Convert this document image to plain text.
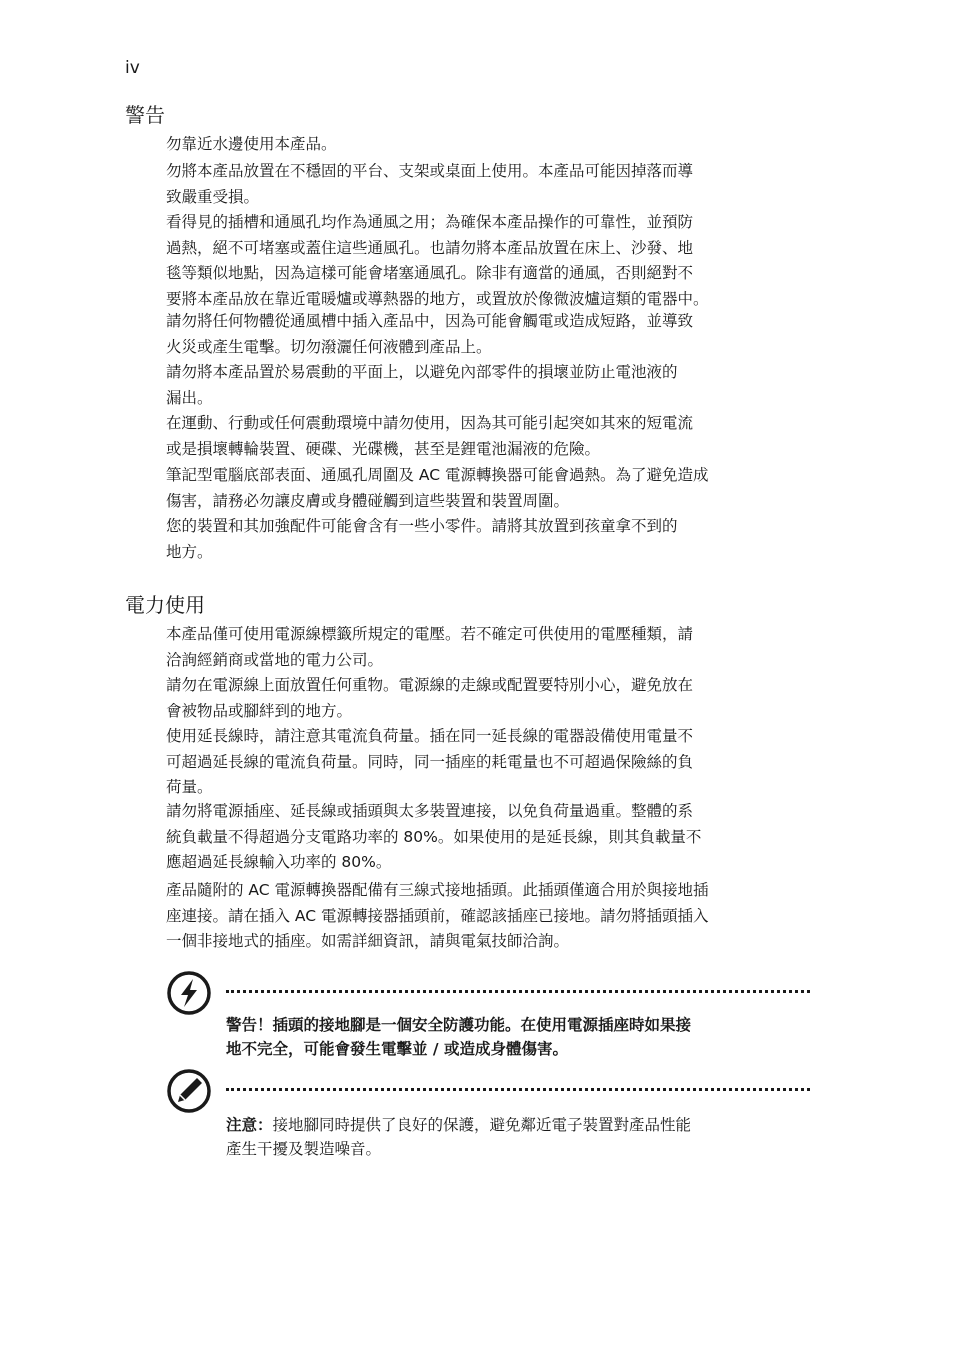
iv
警告

勿靠近水邊使用本產品。

勿將本產品放置在不穩固的平台、支架或桌面上使用。本產品可能因掉落而導
致嚴重受損。

看得見的插槽和通風孔均作為通風之用；為確保本產品操作的可靠性，並預防
過熱，絕不可堵塞或蓋住這些通風孔。也請勿將本產品放置在床上、沙發、地
毯等類似地點，因為這樣可能會堵塞通風孔。除非有適當的通風，否則絕對不
要將本產品放在靠近電暖爐或導熱器的地方，或置放於像微波爐這類的電器中。

請勿將任何物體從通風槽中插入產品中，因為可能會觸電或造成短路，並導致
火災或產生電擊。切勿潑灑任何液體到產品上。

請勿將本產品置於易震動的平面上，以避免內部零件的損壞並防止電池液的
漏出。

在運動、行動或任何震動環境中請勿使用，因為其可能引起突如其來的短電流
或是損壞轉輪裝置、硬碟、光碟機，甚至是鋰電池漏液的危險。

筆記型電腦底部表面、通風孔周圍及 AC 電源轉換器可能會過熱。為了避免造成
傷害，請務必勿讓皮膚或身體碰觸到這些裝置和裝置周圍。

您的裝置和其加強配件可能會含有一些小零件。請將其放置到孩童拿不到的
地方。

電力使用

本產品僅可使用電源線標籤所規定的電壓。若不確定可供使用的電壓種類，請
洽詢經銷商或當地的電力公司。

請勿在電源線上面放置任何重物。電源線的走線或配置要特別小心，避免放在
會被物品或腳絆到的地方。

使用延長線時，請注意其電流負荷量。插在同一延長線的電器設備使用電量不
可超過延長線的電流負荷量。同時，同一插座的耗電量也不可超過保險絲的負
荷量。

請勿將電源插座、延長線或插頭與太多裝置連接，以免負荷量過重。整體的系
統負載量不得超過分支電路功率的 80%。如果使用的是延長線，則其負載量不
應超過延長線輸入功率的 80%。

產品隨附的 AC 電源轉換器配備有三線式接地插頭。此插頭僅適合用於與接地插
座連接。請在插入 AC 電源轉接器插頭前，確認該插座已接地。請勿將插頭插入
一個非接地式的插座。如需詳細資訊，請與電氣技師洽詢。

警告！插頭的接地腳是一個安全防護功能。在使用電源插座時如果接
地不完全，可能會發生電擊並 / 或造成身體傷害。
注意：接地腳同時提供了良好的保護，避免鄰近電子裝置對產品性能
產生干擾及製造噪音。
